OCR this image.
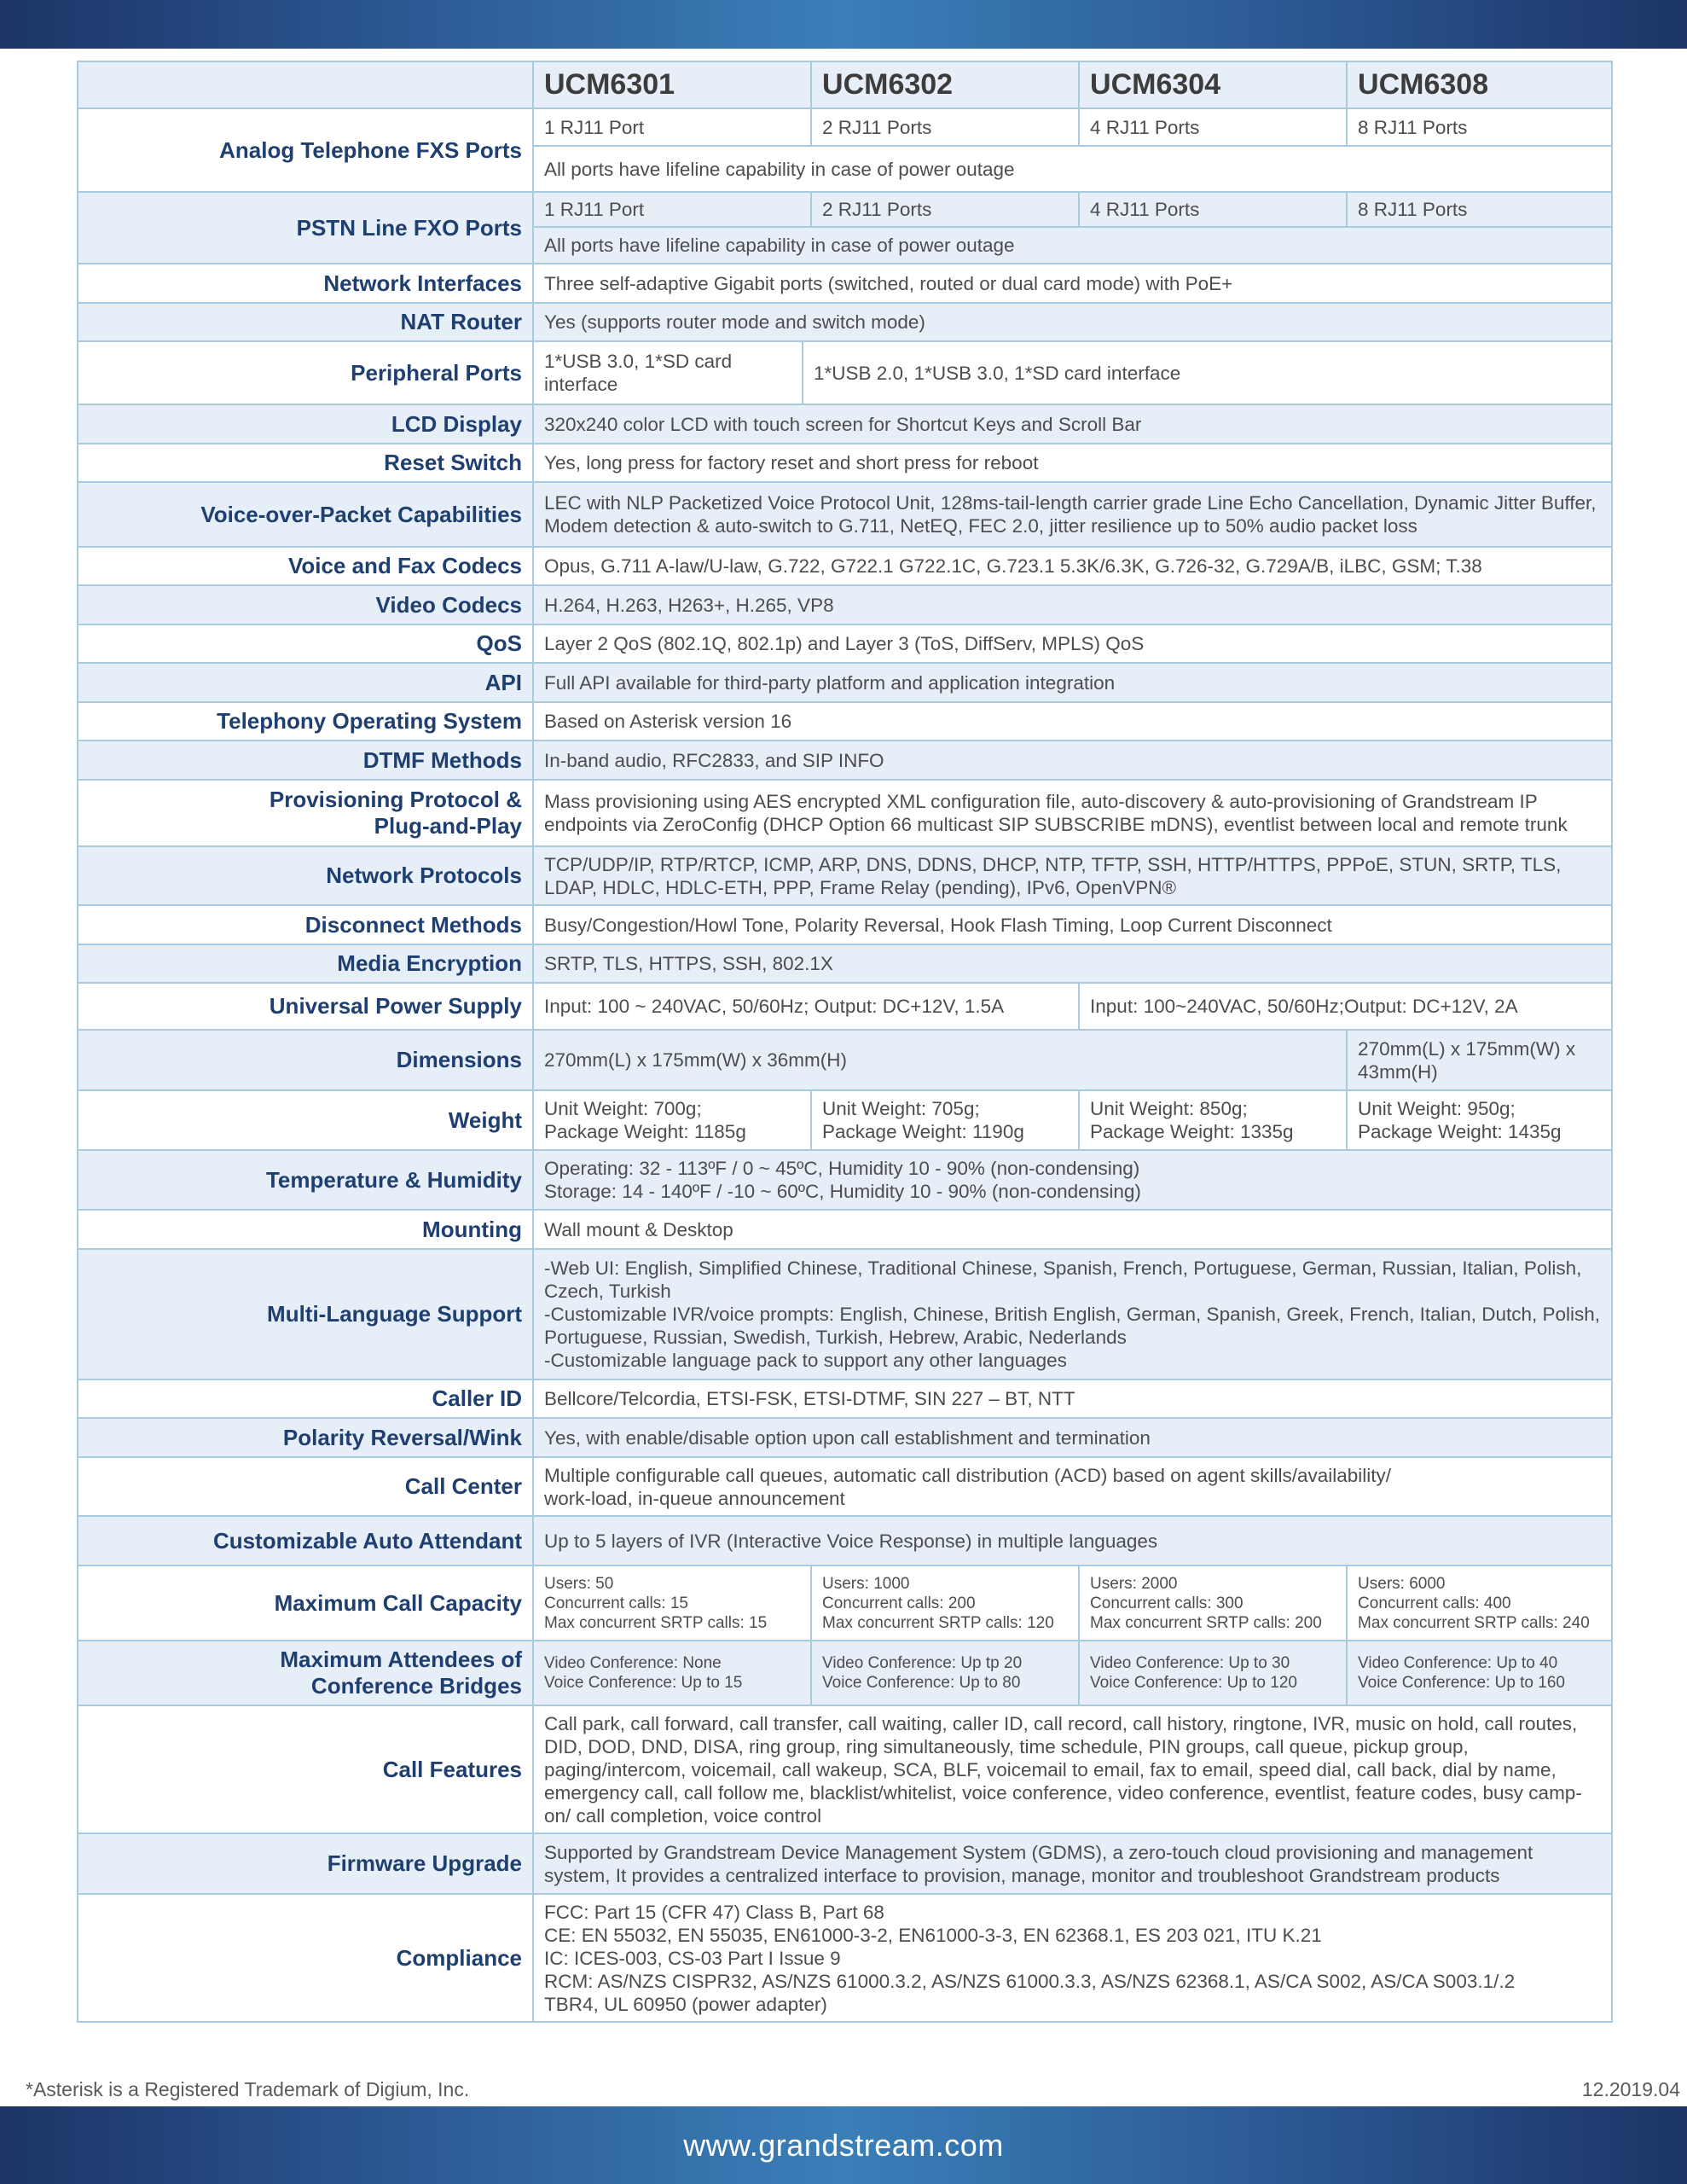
	UCM6301		UCM6302	UCM6304	UCM6308
Analog Telephone FXS Ports	1 RJ11 Port		2 RJ11 Ports	4 RJ11 Ports	8 RJ11 Ports
	All ports have lifeline capability in case of power outage				
PSTN Line FXO Ports	1 RJ11 Port		2 RJ11 Ports	4 RJ11 Ports	8 RJ11 Ports
	All ports have lifeline capability in case of power outage				
Network Interfaces	Three self-adaptive Gigabit ports (switched, routed or dual card mode) with PoE+				
NAT Router	Yes (supports router mode and switch mode)				
Peripheral Ports	1*USB 3.0, 1*SD card interface	1*USB 2.0, 1*USB 3.0, 1*SD card interface			
LCD Display	320x240 color LCD with touch screen for Shortcut Keys and Scroll Bar				
Reset Switch	Yes, long press for factory reset and short press for reboot				
Voice-over-Packet Capabilities	LEC with NLP Packetized Voice Protocol Unit, 128ms-tail-length carrier grade Line Echo Cancellation, Dynamic Jitter Buffer, Modem detection & auto-switch to G.711, NetEQ, FEC 2.0, jitter resilience up to 50% audio packet loss				
Voice and Fax Codecs	Opus, G.711 A-law/U-law, G.722, G722.1 G722.1C, G.723.1 5.3K/6.3K, G.726-32, G.729A/B, iLBC, GSM; T.38				
Video Codecs	H.264, H.263, H263+, H.265, VP8				
QoS	Layer 2 QoS (802.1Q, 802.1p) and Layer 3 (ToS, DiffServ, MPLS) QoS				
API	Full API available for third-party platform and application integration				
Telephony Operating System	Based on Asterisk version 16				
DTMF Methods	In-band audio, RFC2833, and SIP INFO				
Provisioning Protocol &
Plug-and-Play	Mass provisioning using AES encrypted XML configuration file, auto-discovery & auto-provisioning of Grandstream IP endpoints via ZeroConfig (DHCP Option 66 multicast SIP SUBSCRIBE mDNS), eventlist between local and remote trunk				
Network Protocols	TCP/UDP/IP, RTP/RTCP, ICMP, ARP, DNS, DDNS, DHCP, NTP, TFTP, SSH, HTTP/HTTPS, PPPoE, STUN, SRTP, TLS, LDAP, HDLC, HDLC-ETH, PPP, Frame Relay (pending), IPv6, OpenVPN®				
Disconnect Methods	Busy/Congestion/Howl Tone, Polarity Reversal, Hook Flash Timing, Loop Current Disconnect				
Media Encryption	SRTP, TLS, HTTPS, SSH, 802.1X				
Universal Power Supply	Input: 100 ~ 240VAC, 50/60Hz; Output: DC+12V, 1.5A			Input: 100~240VAC, 50/60Hz;Output: DC+12V, 2A	
Dimensions	270mm(L) x 175mm(W) x 36mm(H)				270mm(L) x 175mm(W) x 43mm(H)
Weight	Unit Weight: 700g;
Package Weight: 1185g		Unit Weight: 705g;
Package Weight: 1190g	Unit Weight: 850g;
Package Weight: 1335g	Unit Weight: 950g;
Package Weight: 1435g
Temperature & Humidity	Operating: 32 - 113ºF / 0 ~ 45ºC, Humidity 10 - 90% (non-condensing)
Storage: 14 - 140ºF / -10 ~ 60ºC, Humidity 10 - 90% (non-condensing)				
Mounting	Wall mount & Desktop				
Multi-Language Support	-Web UI: English, Simplified Chinese, Traditional Chinese, Spanish, French, Portuguese, German, Russian, Italian, Polish, Czech, Turkish
-Customizable IVR/voice prompts: English, Chinese, British English, German, Spanish, Greek, French, Italian, Dutch, Polish, Portuguese, Russian, Swedish, Turkish, Hebrew, Arabic, Nederlands
-Customizable language pack to support any other languages				
Caller ID	Bellcore/Telcordia, ETSI-FSK, ETSI-DTMF, SIN 227 – BT, NTT				
Polarity Reversal/Wink	Yes, with enable/disable option upon call establishment and termination				
Call Center	Multiple configurable call queues, automatic call distribution (ACD) based on agent skills/availability/
work-load, in-queue announcement				
Customizable Auto Attendant	Up to 5 layers of IVR (Interactive Voice Response) in multiple languages				
Maximum Call Capacity	Users: 50
Concurrent calls: 15
Max concurrent SRTP calls: 15		Users: 1000
Concurrent calls: 200
Max concurrent SRTP calls: 120	Users: 2000
Concurrent calls: 300
Max concurrent SRTP calls: 200	Users: 6000
Concurrent calls: 400
Max concurrent SRTP calls: 240
Maximum Attendees of
Conference Bridges	Video Conference: None
Voice Conference: Up to 15		Video Conference: Up tp 20
Voice Conference: Up to 80	Video Conference: Up to 30
Voice Conference: Up to 120	Video Conference: Up to 40
Voice Conference: Up to 160
Call Features	Call park, call forward, call transfer, call waiting, caller ID, call record, call history, ringtone, IVR, music on hold, call routes, DID, DOD, DND, DISA, ring group, ring simultaneously, time schedule, PIN groups, call queue, pickup group, paging/intercom, voicemail, call wakeup, SCA, BLF, voicemail to email, fax to email, speed dial, call back, dial by name, emergency call, call follow me, blacklist/whitelist, voice conference, video conference, eventlist, feature codes, busy camp-on/ call completion, voice control				
Firmware Upgrade	Supported by Grandstream Device Management System (GDMS), a zero-touch cloud provisioning and management system, It provides a centralized interface to provision, manage, monitor and troubleshoot Grandstream products				
Compliance	FCC: Part 15 (CFR 47) Class B, Part 68
CE: EN 55032, EN 55035, EN61000-3-2, EN61000-3-3, EN 62368.1, ES 203 021, ITU K.21
IC: ICES-003, CS-03 Part I Issue 9
RCM: AS/NZS CISPR32, AS/NZS 61000.3.2, AS/NZS 61000.3.3, AS/NZS 62368.1, AS/CA S002, AS/CA S003.1/.2
TBR4, UL 60950 (power adapter)				
*Asterisk is a Registered Trademark of Digium, Inc.	12.2019.04
www.grandstream.com
